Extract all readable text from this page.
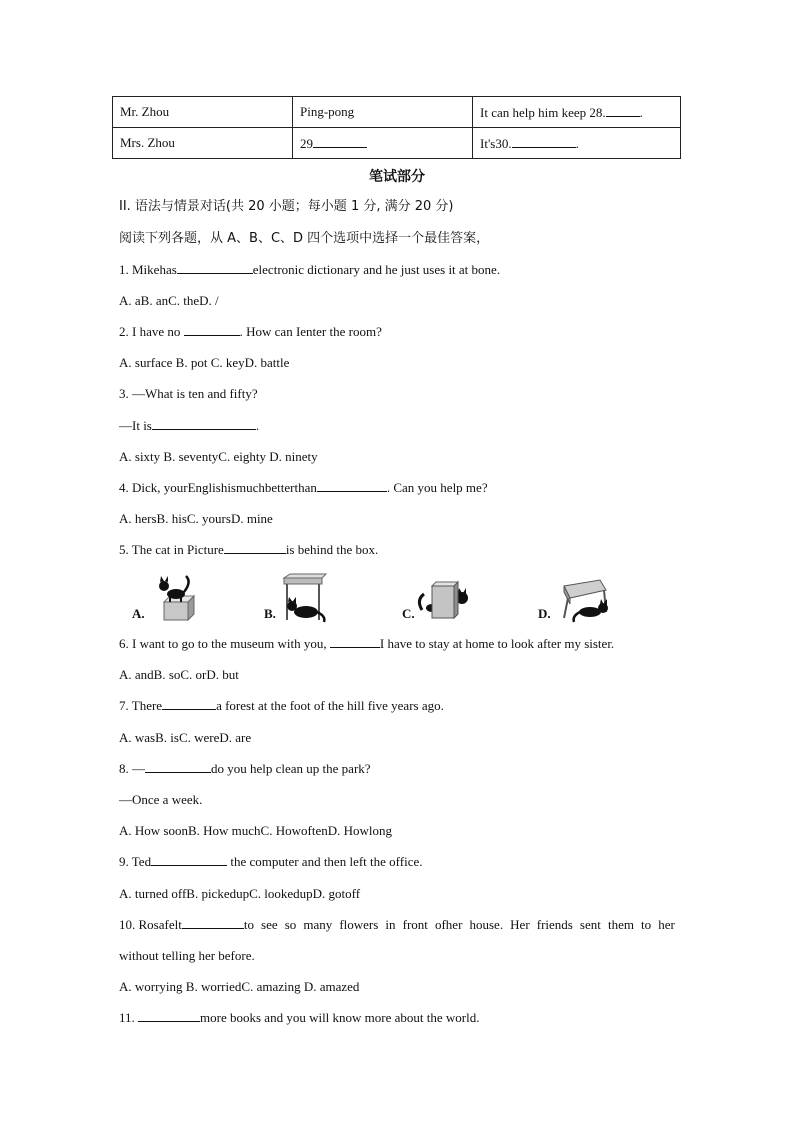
Mr. Zhou	Ping-pong	It can help him keep 28. .
Mrs. Zhou	29	It's30. .
笔试部分
II. 语法与情景对话(共 20 小题；每小题 1 分, 满分 20 分)
阅读下列各题，从 A、B、C、D 四个选项中选择一个最佳答案，
1. Mikehas	electronic dictionary and he just uses it at bone.
A. aB. anC. theD. /
2. I have no	. How can Ienter the room?
A. surface B. pot C. keyD. battle
3. —What is ten and fifty?
—It is	.
A. sixty B. seventyC. eighty D. ninety
4. Dick, yourEnglishismuchbetterthan	. Can you help me?
A. hersB. hisC. yoursD. mine
5. The cat in Picture	is behind the box.
A.	B.	C.	D.
6. I want to go to the museum with you,	I have to stay at home to look after my sister.
A. andB. soC. orD. but
7. There	a forest at the foot of the hill five years ago.
A. wasB. isC. wereD. are
8. —	do you help clean up the park?
—Once a week.
A. How soonB. How muchC. HowoftenD. Howlong
9. Ted	the computer and then left the office.
A. turned offB. pickedupC. lookedupD. gotoff
10. Rosafelt	to see so many flowers in front ofher house. Her friends sent them to her
without telling her before.
A. worrying B. worriedC. amazing D. amazed
11.	more books and you will know more about the world.
